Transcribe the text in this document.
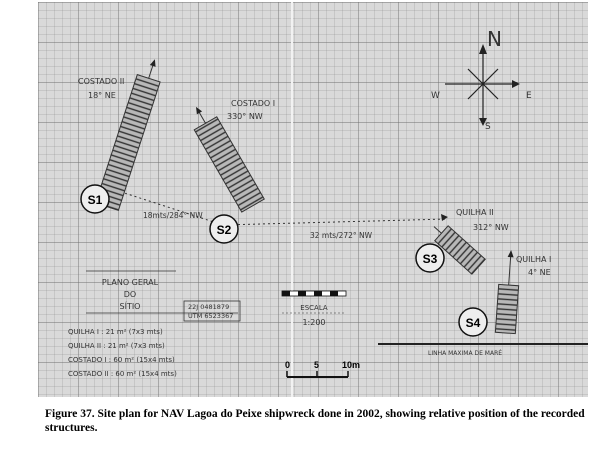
N
S
E
W
18mts/284° NW
32 mts/272° NW
COSTADO II
18° NE
COSTADO I
330° NW
QUILHA II
312° NW
QUILHA I
4° NE
S1
S2
S3
S4
LINHA MAXIMA DE MARÉ
PLANO GERAL
DO
SÍTIO	22J 0481879
UTM 6523367
ESCALA
1:200
0	5	10m
QUILHA I : 21 m² (7x3 mts)
QUILHA II : 21 m² (7x3 mts)
COSTADO I : 60 m² (15x4 mts)
COSTADO II : 60 m² (15x4 mts)
Figure 37. Site plan for NAV Lagoa do Peixe shipwreck done in 2002, showing relative position of the recorded structures.
